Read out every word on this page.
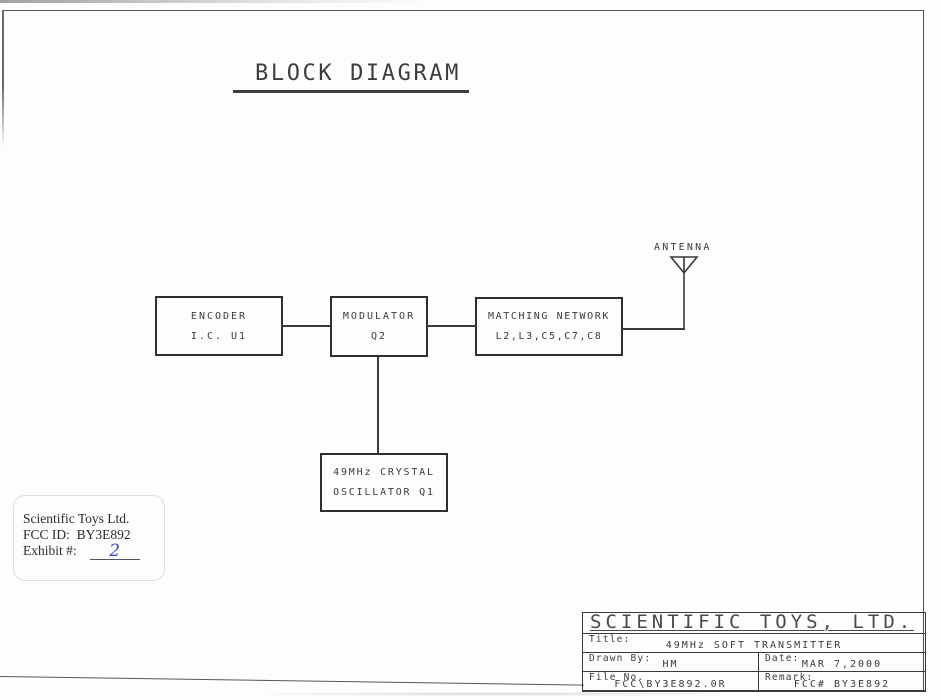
BLOCK DIAGRAM
ENCODER
I.C. U1
MODULATOR
Q2
MATCHING NETWORK
L2,L3,C5,C7,C8
49MHz CRYSTAL
OSCILLATOR Q1
ANTENNA
Scientific Toys Ltd.
FCC ID:  BY3E892
Exhibit #:	2
SCIENTIFIC TOYS, LTD.
Title:
49MHz SOFT TRANSMITTER
Drawn By:
HM
Date:
MAR 7,2000
File No.
FCC\BY3E892.0R
Remark:
FCC# BY3E892
